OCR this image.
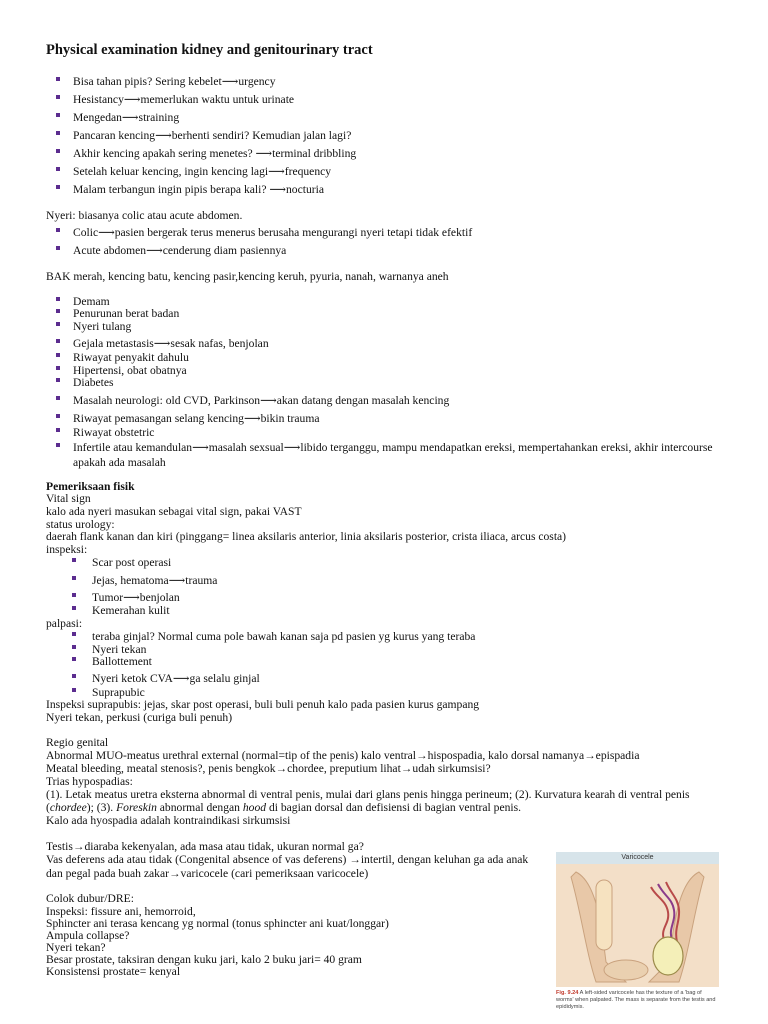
Physical examination kidney and genitourinary tract
Bisa tahan pipis? Sering kebelet⟶urgency
Hesistancy⟶memerlukan waktu untuk urinate
Mengedan⟶straining
Pancaran kencing⟶berhenti sendiri? Kemudian jalan lagi?
Akhir kencing apakah sering menetes? ⟶terminal dribbling
Setelah keluar kencing, ingin kencing lagi⟶frequency
Malam terbangun ingin pipis berapa kali? ⟶nocturia
Nyeri: biasanya colic atau acute abdomen.
Colic⟶pasien bergerak terus menerus berusaha mengurangi nyeri tetapi tidak efektif
Acute abdomen⟶cenderung diam pasiennya
BAK merah, kencing batu, kencing pasir,kencing keruh, pyuria, nanah, warnanya aneh
Demam
Penurunan berat badan
Nyeri tulang
Gejala metastasis⟶sesak nafas, benjolan
Riwayat penyakit dahulu
Hipertensi, obat obatnya
Diabetes
Masalah neurologi: old CVD, Parkinson⟶akan datang dengan masalah kencing
Riwayat pemasangan selang kencing⟶bikin trauma
Riwayat obstetric
Infertile atau kemandulan⟶masalah sexsual⟶libido terganggu, mampu mendapatkan ereksi, mempertahankan ereksi, akhir intercourse
apakah ada masalah
Pemeriksaan fisik
Vital sign
kalo ada nyeri masukan sebagai vital sign, pakai VAST
status urology:
daerah flank kanan dan kiri (pinggang= linea aksilaris anterior, linia aksilaris posterior, crista iliaca, arcus costa)
inspeksi:
Scar post operasi
Jejas, hematoma⟶trauma
Tumor⟶benjolan
Kemerahan kulit
palpasi:
teraba ginjal? Normal cuma pole bawah kanan saja pd pasien yg kurus yang teraba
Nyeri tekan
Ballottement
Nyeri ketok CVA⟶ga selalu ginjal
Suprapubic
Inspeksi suprapubis: jejas, skar post operasi, buli buli penuh kalo pada pasien kurus gampang
Nyeri tekan, perkusi (curiga buli penuh)
Regio genital
Abnormal MUO-meatus urethral external (normal=tip of the penis) kalo ventral→hispospadia, kalo dorsal namanya→epispadia
Meatal bleeding, meatal stenosis?, penis bengkok→chordee, preputium lihat→udah sirkumsisi?
Trias hypospadias:
(1). Letak meatus uretra eksterna abnormal di ventral penis, mulai dari glans penis hingga perineum; (2). Kurvatura kearah di ventral penis
(chordee); (3). Foreskin abnormal dengan hood di bagian dorsal dan defisiensi di bagian ventral penis.
Kalo ada hyospadia adalah kontraindikasi sirkumsisi
Testis→diaraba kekenyalan, ada masa atau tidak, ukuran normal ga?
Vas deferens ada atau tidak (Congenital absence of vas deferens) →intertil, dengan keluhan ga ada anak
dan pegal pada buah zakar→varicocele (cari pemeriksaan varicocele)
Colok dubur/DRE:
Inspeksi: fissure ani, hemorroid,
Sphincter ani terasa kencang yg normal (tonus sphincter ani kuat/longgar)
Ampula collapse?
Nyeri tekan?
Besar prostate, taksiran dengan kuku jari, kalo 2 buku jari= 40 gram
Konsistensi prostate= kenyal
Varicocele
Fig. 9.24 A left-sided varicocele has the texture of a 'bag of worms' when palpated. The mass is separate from the testis and epididymis.
